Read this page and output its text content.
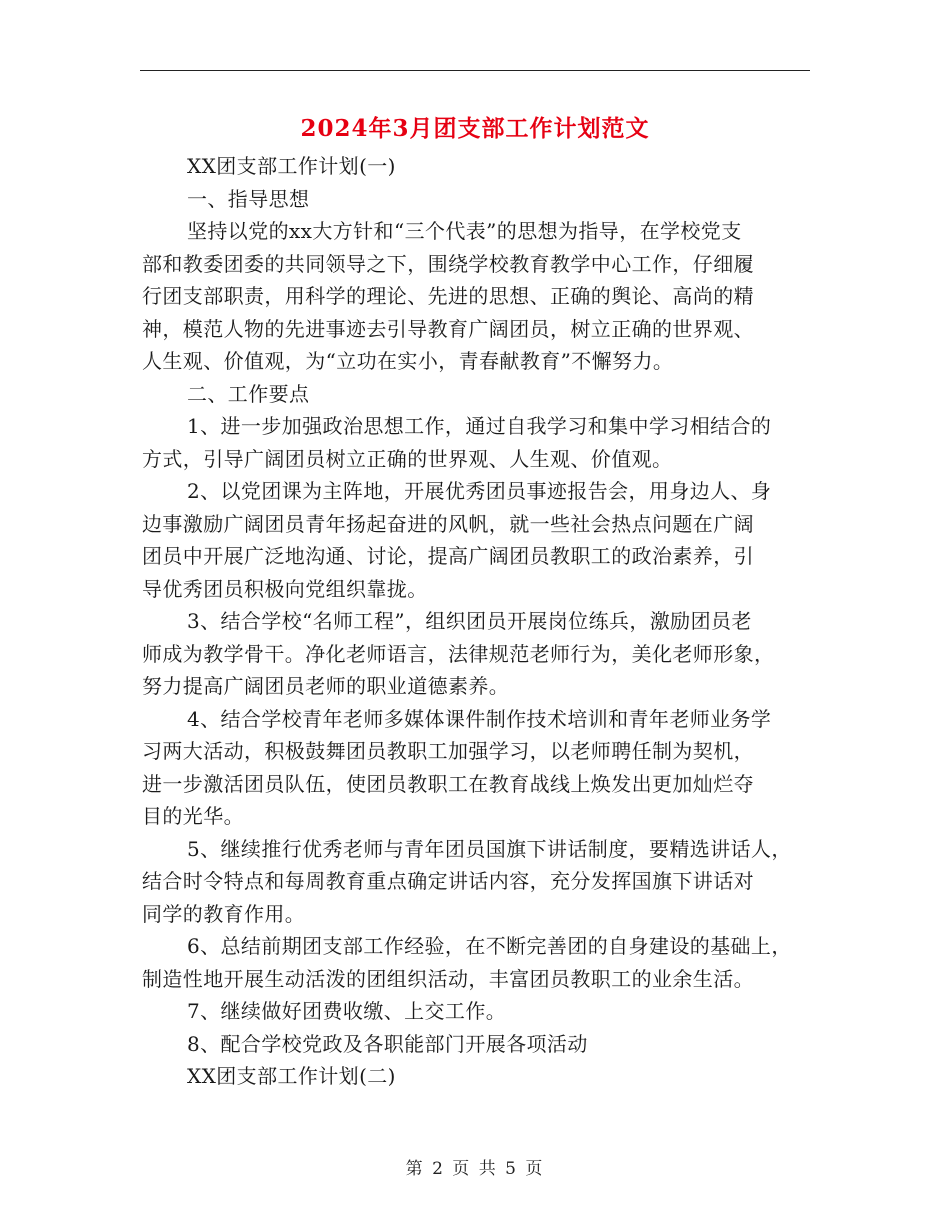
2024年3月团支部工作计划范文
XX团支部工作计划(一)
一、指导思想
坚持以党的xx大方针和“三个代表”的思想为指导，在学校党支
部和教委团委的共同领导之下，围绕学校教育教学中心工作，仔细履
行团支部职责，用科学的理论、先进的思想、正确的舆论、高尚的精
神，模范人物的先进事迹去引导教育广阔团员，树立正确的世界观、
人生观、价值观，为“立功在实小，青春献教育”不懈努力。
二、工作要点
1、进一步加强政治思想工作，通过自我学习和集中学习相结合的
方式，引导广阔团员树立正确的世界观、人生观、价值观。
2、以党团课为主阵地，开展优秀团员事迹报告会，用身边人、身
边事激励广阔团员青年扬起奋进的风帆，就一些社会热点问题在广阔
团员中开展广泛地沟通、讨论，提高广阔团员教职工的政治素养，引
导优秀团员积极向党组织靠拢。
3、结合学校“名师工程”，组织团员开展岗位练兵，激励团员老
师成为教学骨干。净化老师语言，法律规范老师行为，美化老师形象，
努力提高广阔团员老师的职业道德素养。
4、结合学校青年老师多媒体课件制作技术培训和青年老师业务学
习两大活动，积极鼓舞团员教职工加强学习，以老师聘任制为契机，
进一步激活团员队伍，使团员教职工在教育战线上焕发出更加灿烂夺
目的光华。
5、继续推行优秀老师与青年团员国旗下讲话制度，要精选讲话人，
结合时令特点和每周教育重点确定讲话内容，充分发挥国旗下讲话对
同学的教育作用。
6、总结前期团支部工作经验，在不断完善团的自身建设的基础上，
制造性地开展生动活泼的团组织活动，丰富团员教职工的业余生活。
7、继续做好团费收缴、上交工作。
8、配合学校党政及各职能部门开展各项活动
XX团支部工作计划(二)
第 2 页 共 5 页
